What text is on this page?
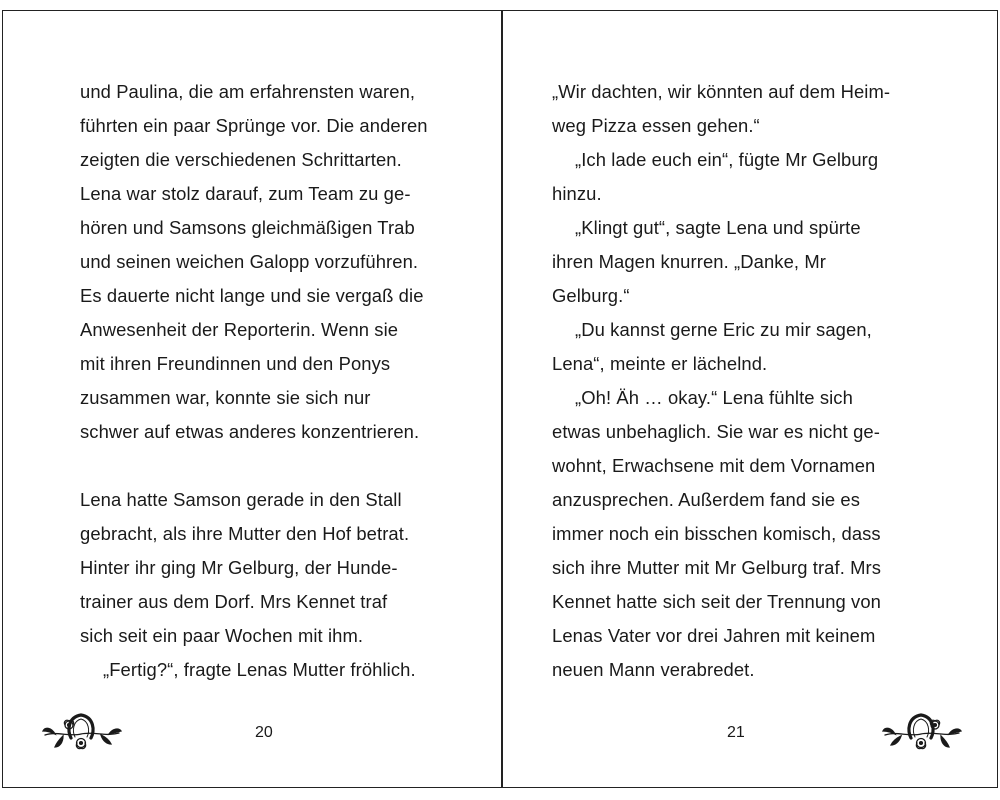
und Paulina, die am erfahrensten waren,
führten ein paar Sprünge vor. Die anderen
zeigten die verschiedenen Schrittarten.
Lena war stolz darauf, zum Team zu ge-
hören und Samsons gleichmäßigen Trab
und seinen weichen Galopp vorzuführen.
Es dauerte nicht lange und sie vergaß die
Anwesenheit der Reporterin. Wenn sie
mit ihren Freundinnen und den Ponys
zusammen war, konnte sie sich nur
schwer auf etwas anderes konzentrieren.
Lena hatte Samson gerade in den Stall
gebracht, als ihre Mutter den Hof betrat.
Hinter ihr ging Mr Gelburg, der Hunde-
trainer aus dem Dorf. Mrs Kennet traf
sich seit ein paar Wochen mit ihm.
„Fertig?“, fragte Lenas Mutter fröhlich.
20
„Wir dachten, wir könnten auf dem Heim-
weg Pizza essen gehen.“
„Ich lade euch ein“, fügte Mr Gelburg
hinzu.
„Klingt gut“, sagte Lena und spürte
ihren Magen knurren. „Danke, Mr
Gelburg.“
„Du kannst gerne Eric zu mir sagen,
Lena“, meinte er lächelnd.
„Oh! Äh … okay.“ Lena fühlte sich
etwas unbehaglich. Sie war es nicht ge-
wohnt, Erwachsene mit dem Vornamen
anzusprechen. Außerdem fand sie es
immer noch ein bisschen komisch, dass
sich ihre Mutter mit Mr Gelburg traf. Mrs
Kennet hatte sich seit der Trennung von
Lenas Vater vor drei Jahren mit keinem
neuen Mann verabredet.
21
